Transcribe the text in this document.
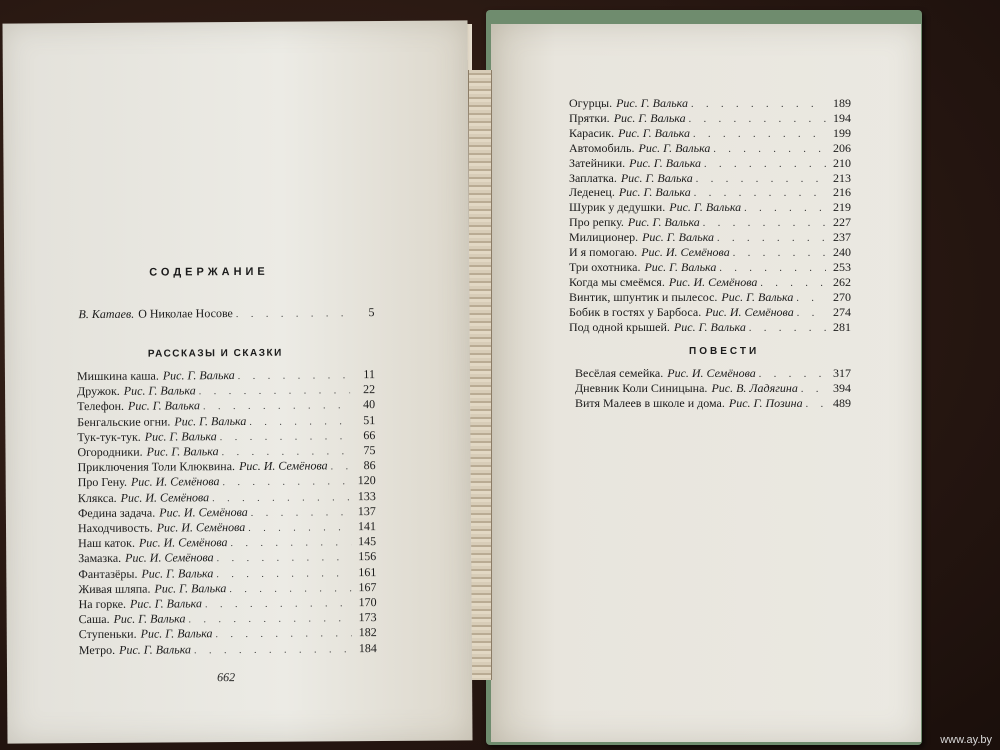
ПОВЕСТИ
Огурцы. Рис. Г. Валька . . .	189
Прятки. Рис. Г. Валька . . .	194
Карасик. Рис. Г. Валька . . .	199
Автомобиль. Рис. Г. Валька . . .	206
Затейники. Рис. Г. Валька . . .	210
Заплатка. Рис. Г. Валька . . .	213
Леденец. Рис. Г. Валька . . .	216
Шурик у дедушки. Рис. Г. Валька . . .	219
Про репку. Рис. Г. Валька . . .	227
Милиционер. Рис. Г. Валька . . .	237
И я помогаю. Рис. И. Семёнова . . .	240
Три охотника. Рис. Г. Валька . . .	253
Когда мы смеёмся. Рис. И. Семёнова . . .	262
Винтик, шпунтик и пылесос. Рис. Г. Валька . . .	270
Бобик в гостях у Барбоса. Рис. И. Семёнова . . .	274
Под одной крышей. Рис. Г. Валька . . .	281
Весёлая семейка. Рис. И. Семёнова . . .	317
Дневник Коли Синицына. Рис. В. Ладягина . . .	394
Витя Малеев в школе и дома. Рис. Г. Позина . . .	489
СОДЕРЖАНИЕ
В. Катаев. О Николае Носове . . .	5
РАССКАЗЫ И СКАЗКИ
662
Мишкина каша. Рис. Г. Валька . . .	11
Дружок. Рис. Г. Валька . . .	22
Телефон. Рис. Г. Валька . . .	40
Бенгальские огни. Рис. Г. Валька . . .	51
Тук-тук-тук. Рис. Г. Валька . . .	66
Огородники. Рис. Г. Валька . . .	75
Приключения Толи Клюквина. Рис. И. Семёнова . . .	86
Про Гену. Рис. И. Семёнова . . .	120
Клякса. Рис. И. Семёнова . . .	133
Федина задача. Рис. И. Семёнова . . .	137
Находчивость. Рис. И. Семёнова . . .	141
Наш каток. Рис. И. Семёнова . . .	145
Замазка. Рис. И. Семёнова . . .	156
Фантазёры. Рис. Г. Валька . . .	161
Живая шляпа. Рис. Г. Валька . . .	167
На горке. Рис. Г. Валька . . .	170
Саша. Рис. Г. Валька . . .	173
Ступеньки. Рис. Г. Валька . . .	182
Метро. Рис. Г. Валька . . .	184
www.ay.by
